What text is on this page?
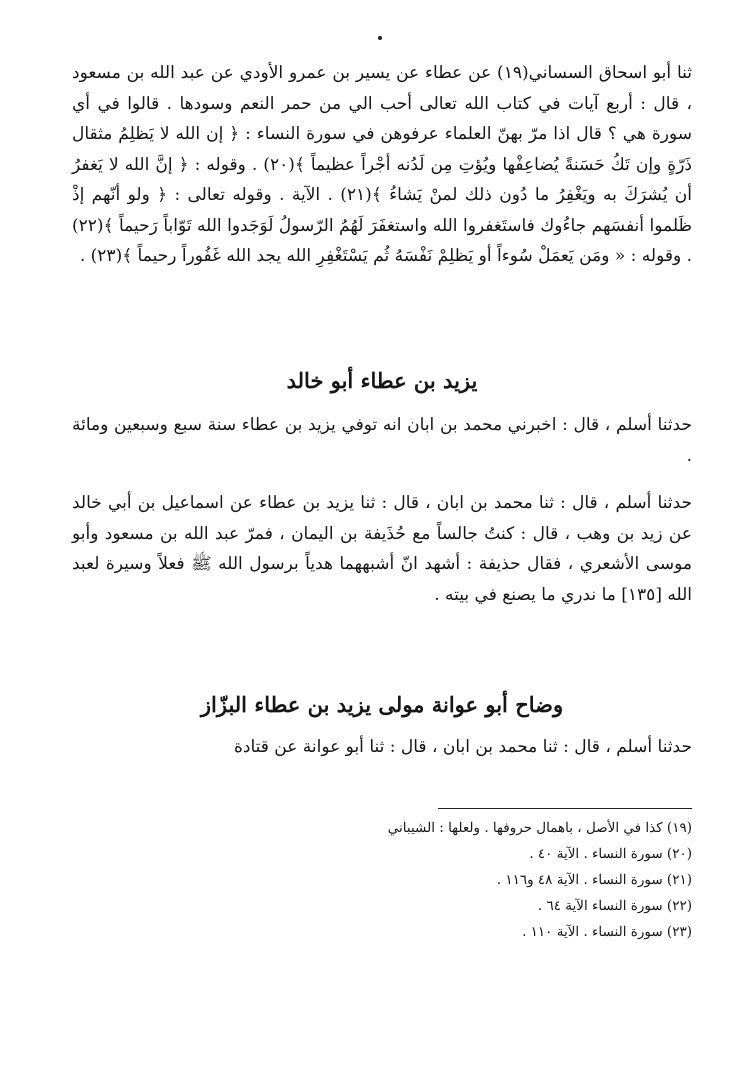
ثنا أبو اسحاق السساني(١٩) عن عطاء عن يسير بن عمرو الأودي عن عبد الله بن مسعود ، قال : أربع آيات في كتاب الله تعالى أحب الي من حمر النعم وسودها . قالوا في أي سورة هي ؟ قال اذا مرّ بهنّ العلماء عرفوهن في سورة النساء : ﴿ إن الله لا يَظلِمُ مثقال ذَرّةٍ وإن تَكُ حَسَنةً يُضاعِفْها ويُؤتِ مِن لَدُنه أجْراً عظيماً ﴾(٢٠) . وقوله : ﴿ إنَّ الله لا يَغفرُ أن يُشرَكَ به ويَغْفِرُ ما دُون ذلك لمنْ يَشاءُ ﴾(٢١) . الآية . وقوله تعالى : ﴿ ولو أنّهم إذْ ظَلموا أنفسَهم جاءُوك فاستَغفروا الله واستغفَرَ لَهُمُ الرّسولُ لَوَجَدوا الله تَوّاباً رَحيماً ﴾(٢٢) . وقوله : « ومَن يَعمَلْ سُوءاً أو يَظلِمْ نَفْسَهُ ثُم يَسْتَغْفِرِ الله يجد الله غَفُوراً رحيماً ﴾(٢٣) .

يزيد بن عطاء أبو خالد

حدثنا أسلم ، قال : اخبرني محمد بن ابان انه توفي يزيد بن عطاء سنة سبع وسبعين ومائة .

حدثنا أسلم ، قال : ثنا محمد بن ابان ، قال : ثنا يزيد بن عطاء عن اسماعيل بن أبي خالد عن زيد بن وهب ، قال : كنتُ جالساً مع حُذَيفة بن اليمان ، فمرّ عبد الله بن مسعود وأبو موسى الأشعري ، فقال حذيفة : أشهد انّ أشبههما هدياً برسول الله ﷺ فعلاً وسيرة لعبد الله [١٣٥] ما ندري ما يصنع في بيته .

وضاح أبو عوانة مولى يزيد بن عطاء البزّاز

حدثنا أسلم ، قال : ثنا محمد بن ابان ، قال : ثنا أبو عوانة عن قتادة

(١٩) كذا في الأصل ، باهمال حروفها . ولعلها : الشيباني
(٢٠) سورة النساء . الآية ٤٠ .
(٢١) سورة النساء . الآية ٤٨ و١١٦ .
(٢٢) سورة النساء الآية ٦٤ .
(٢٣) سورة النساء . الآية ١١٠ .
